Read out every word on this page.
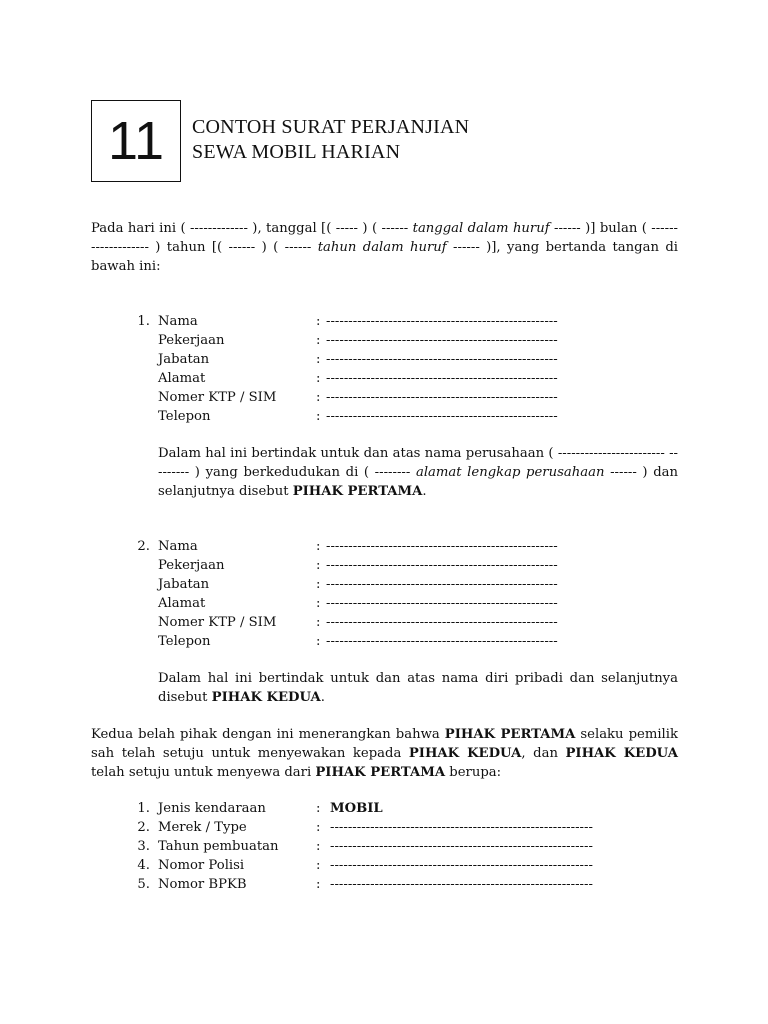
11 CONTOH SURAT PERJANJIAN
SEWA MOBIL HARIAN
Pada hari ini ( ------------- ), tanggal [( ----- ) ( ------ tanggal dalam huruf ------ )] bulan ( ------ ------------- ) tahun [( ------ ) ( ------ tahun dalam huruf ------ )], yang bertanda tangan di bawah ini:
1. Nama	: ----------------------------------------------------
Pekerjaan	: ----------------------------------------------------
Jabatan	: ----------------------------------------------------
Alamat	: ----------------------------------------------------
Nomer KTP / SIM	: ----------------------------------------------------
Telepon	: ----------------------------------------------------
Dalam hal ini bertindak untuk dan atas nama perusahaan ( ------------------------ --------- ) yang berkedudukan di ( -------- alamat lengkap perusahaan ------ ) dan selanjutnya disebut PIHAK PERTAMA.
2. Nama	: ----------------------------------------------------
Pekerjaan	: ----------------------------------------------------
Jabatan	: ----------------------------------------------------
Alamat	: ----------------------------------------------------
Nomer KTP / SIM	: ----------------------------------------------------
Telepon	: ----------------------------------------------------
Dalam hal ini bertindak untuk dan atas nama diri pribadi dan selanjutnya disebut PIHAK KEDUA.
Kedua belah pihak dengan ini menerangkan bahwa PIHAK PERTAMA selaku pemilik sah telah setuju untuk menyewakan kepada PIHAK KEDUA, dan PIHAK KEDUA telah setuju untuk menyewa dari PIHAK PERTAMA berupa:
1. Jenis kendaraan	: MOBIL
2. Merek / Type	: -----------------------------------------------------------
3. Tahun pembuatan	: -----------------------------------------------------------
4. Nomor Polisi	: -----------------------------------------------------------
5. Nomor BPKB	: -----------------------------------------------------------
